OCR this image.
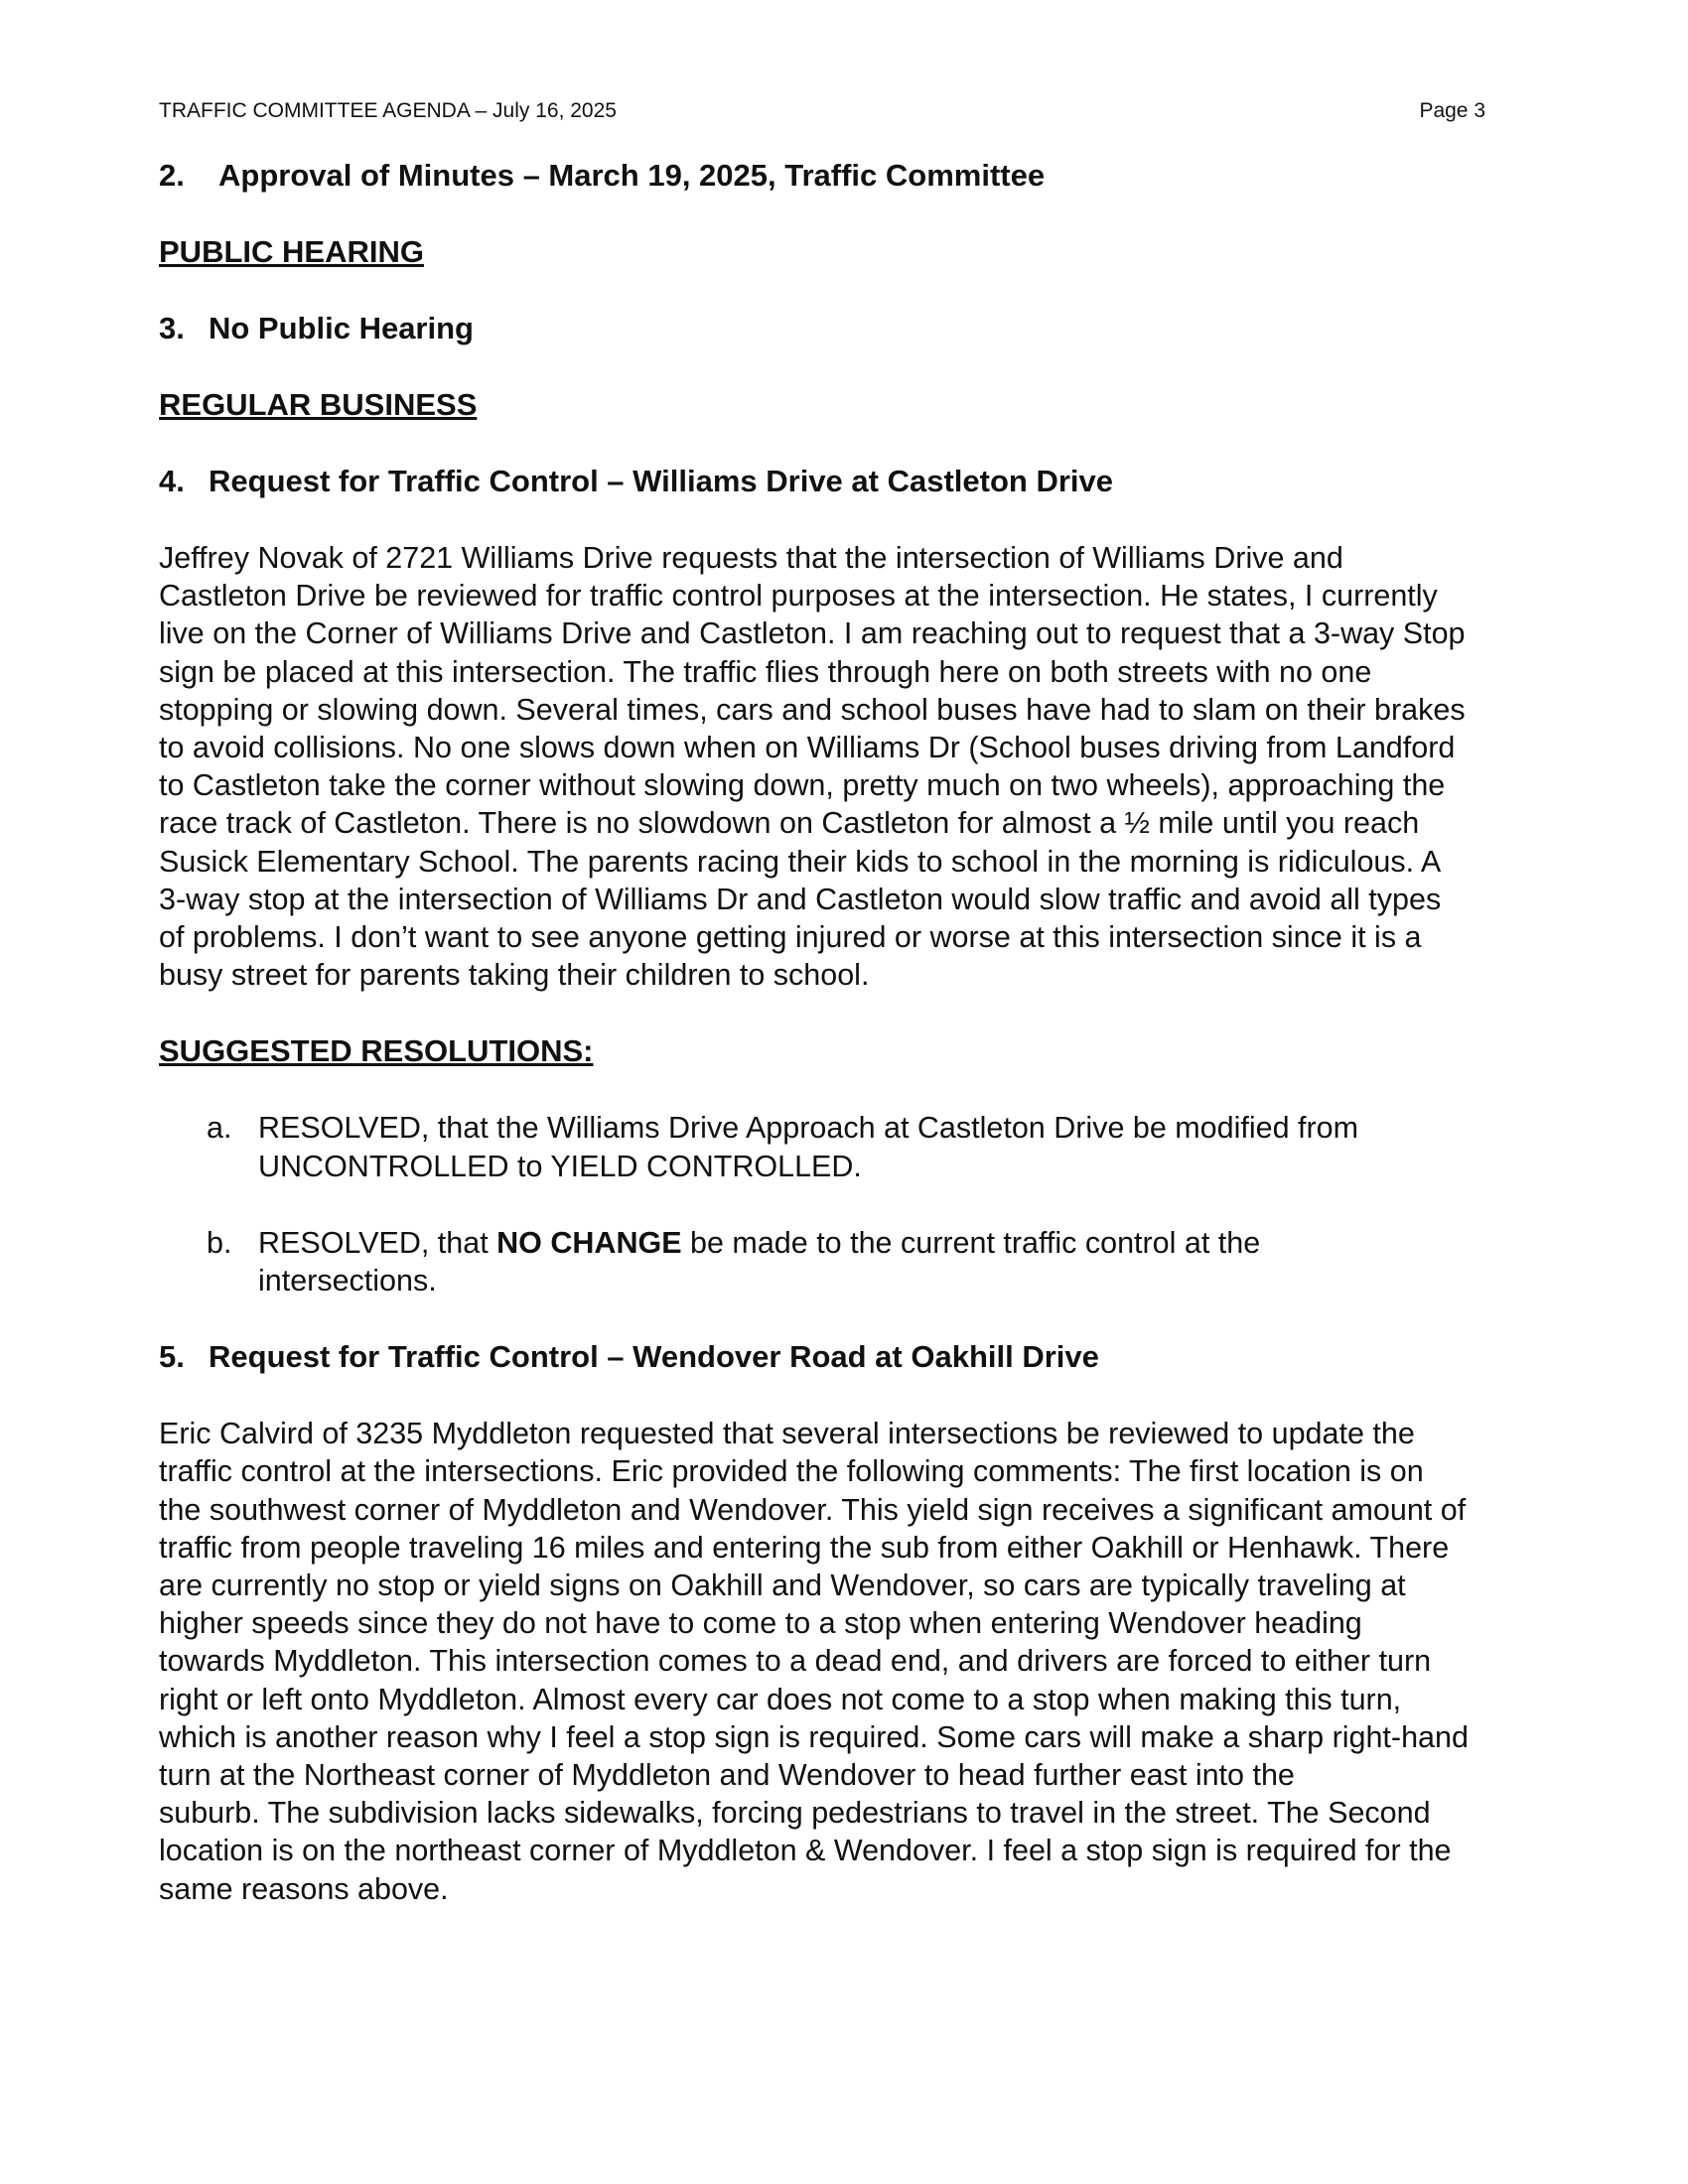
TRAFFIC COMMITTEE AGENDA – July 16, 2025	Page 3

2. Approval of Minutes – March 19, 2025, Traffic Committee

PUBLIC HEARING

3. No Public Hearing

REGULAR BUSINESS

4. Request for Traffic Control – Williams Drive at Castleton Drive

Jeffrey Novak of 2721 Williams Drive requests that the intersection of Williams Drive and
Castleton Drive be reviewed for traffic control purposes at the intersection. He states, I currently
live on the Corner of Williams Drive and Castleton. I am reaching out to request that a 3-way Stop
sign be placed at this intersection. The traffic flies through here on both streets with no one
stopping or slowing down. Several times, cars and school buses have had to slam on their brakes
to avoid collisions. No one slows down when on Williams Dr (School buses driving from Landford
to Castleton take the corner without slowing down, pretty much on two wheels), approaching the
race track of Castleton. There is no slowdown on Castleton for almost a ½ mile until you reach
Susick Elementary School. The parents racing their kids to school in the morning is ridiculous. A
3-way stop at the intersection of Williams Dr and Castleton would slow traffic and avoid all types
of problems. I don’t want to see anyone getting injured or worse at this intersection since it is a
busy street for parents taking their children to school.

SUGGESTED RESOLUTIONS:

a. RESOLVED, that the Williams Drive Approach at Castleton Drive be modified from
UNCONTROLLED to YIELD CONTROLLED.
b. RESOLVED, that NO CHANGE be made to the current traffic control at the
intersections.

5. Request for Traffic Control – Wendover Road at Oakhill Drive

Eric Calvird of 3235 Myddleton requested that several intersections be reviewed to update the
traffic control at the intersections. Eric provided the following comments: The first location is on
the southwest corner of Myddleton and Wendover. This yield sign receives a significant amount of
traffic from people traveling 16 miles and entering the sub from either Oakhill or Henhawk. There
are currently no stop or yield signs on Oakhill and Wendover, so cars are typically traveling at
higher speeds since they do not have to come to a stop when entering Wendover heading
towards Myddleton. This intersection comes to a dead end, and drivers are forced to either turn
right or left onto Myddleton. Almost every car does not come to a stop when making this turn,
which is another reason why I feel a stop sign is required. Some cars will make a sharp right-hand
turn at the Northeast corner of Myddleton and Wendover to head further east into the
suburb. The subdivision lacks sidewalks, forcing pedestrians to travel in the street. The Second
location is on the northeast corner of Myddleton & Wendover. I feel a stop sign is required for the
same reasons above.
